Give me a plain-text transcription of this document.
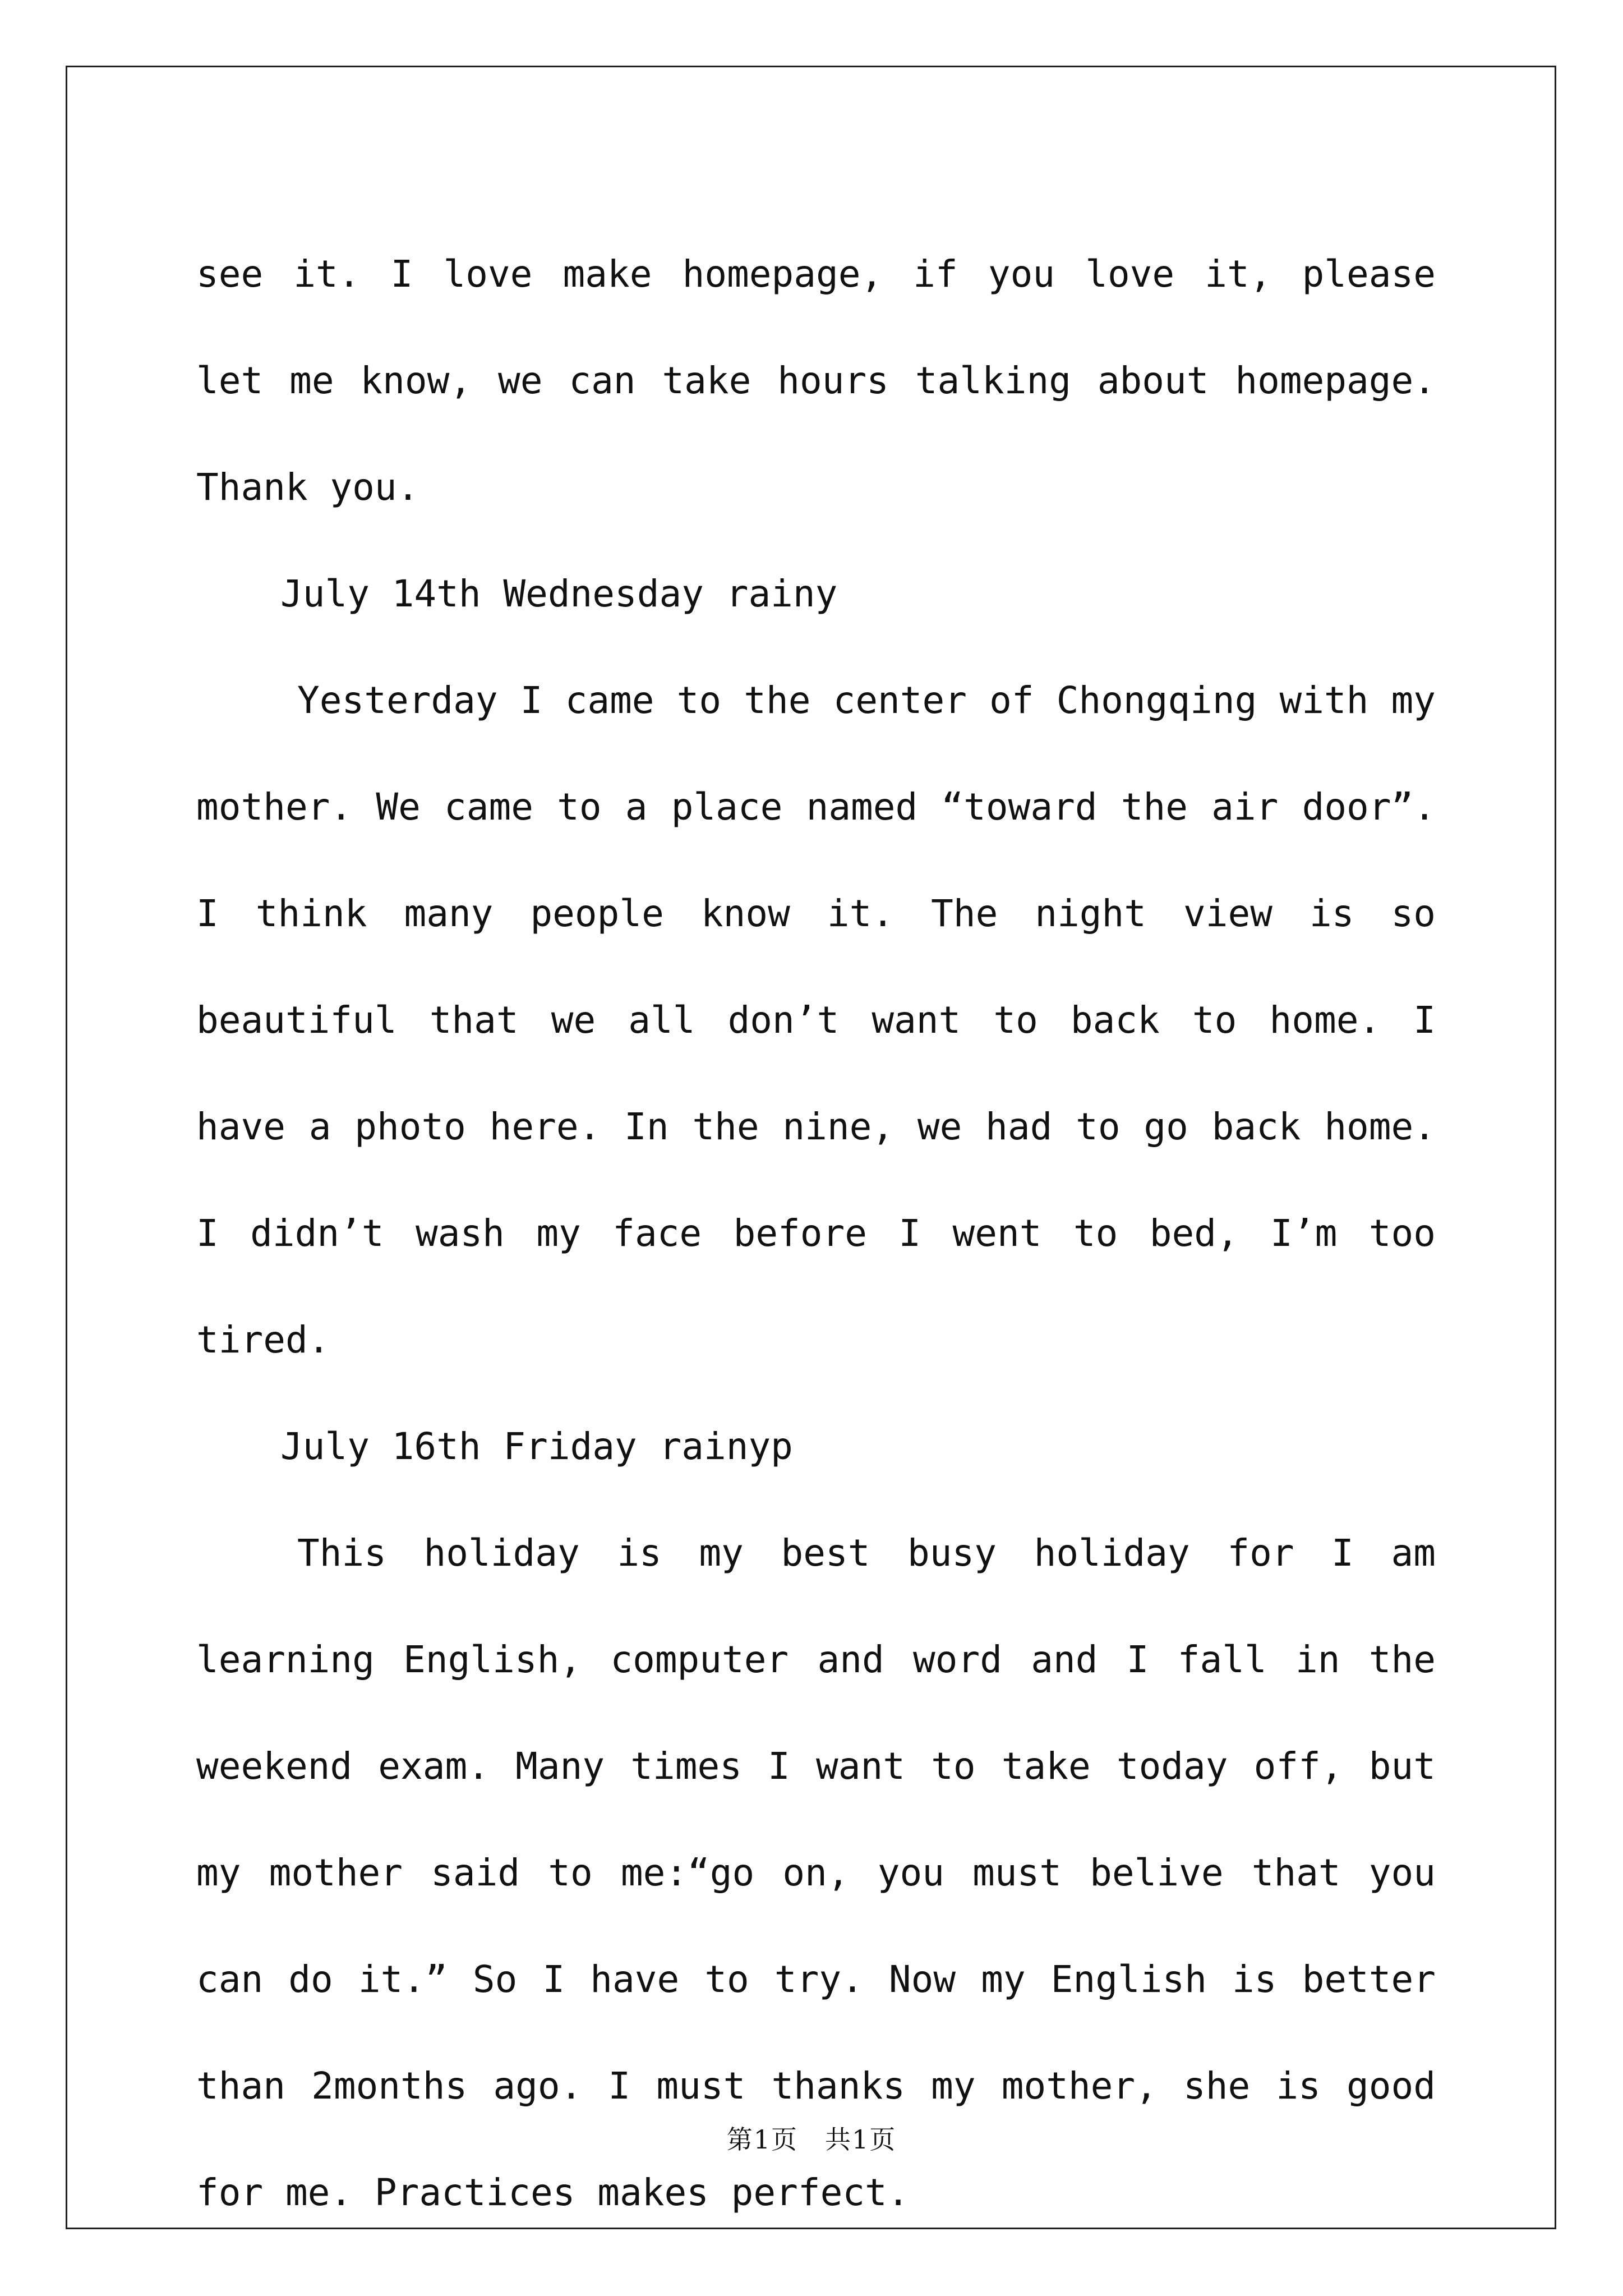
see it. I love make homepage, if you love it, please let me know, we can take hours talking about homepage. Thank you.

July 14th Wednesday rainy

Yesterday I came to the center of Chongqing with my mother. We came to a place named “toward the air door”. I think many people know it. The night view is so beautiful that we all don’t want to back to home. I have a photo here. In the nine, we had to go back home. I didn’t wash my face before I went to bed, I’m too tired.

July 16th Friday rainyp

This holiday is my best busy holiday for I am learning English, computer and word and I fall in the weekend exam. Many times I want to take today off, but my mother said to me:“go on, you must belive that you can do it.” So I have to try. Now my English is better than 2months ago. I must thanks my mother, she is good for me. Practices makes perfect.

第1页　共1页
